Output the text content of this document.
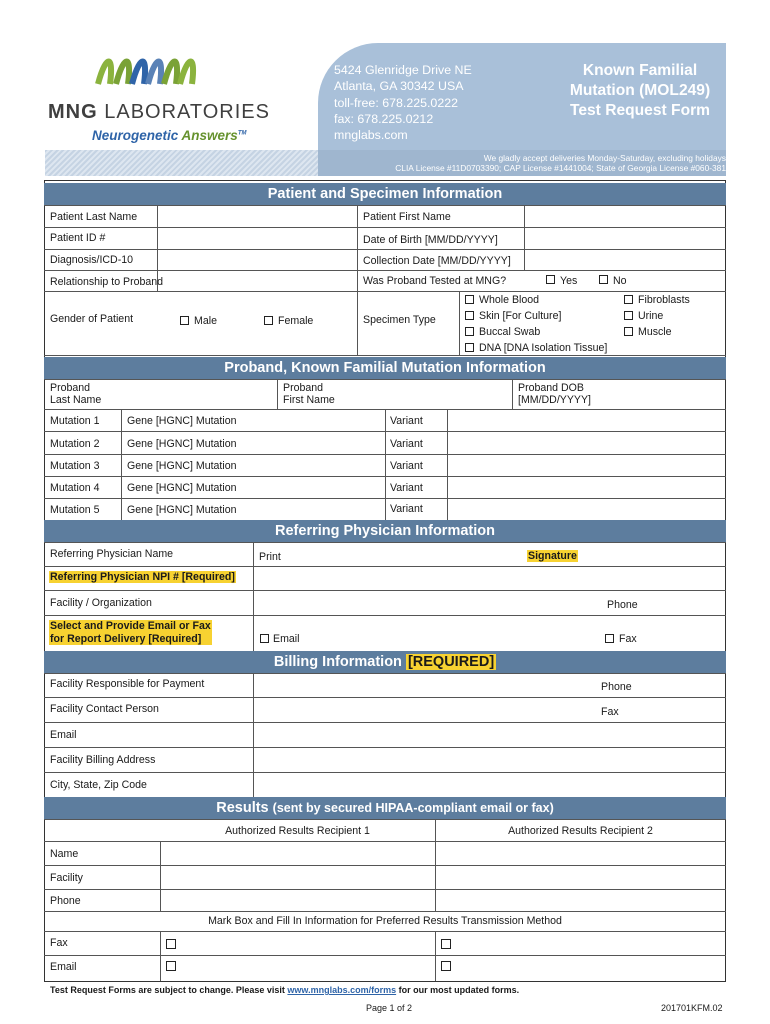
MNG LABORATORIES
Neurogenetic Answers™
5424 Glenridge Drive NE
Atlanta, GA 30342 USA
toll-free: 678.225.0222
fax: 678.225.0212
mnglabs.com
Known Familial
Mutation (MOL249)
Test Request Form
We gladly accept deliveries Monday-Saturday, excluding holidays
CLIA License #11D0703390; CAP License #1441004; State of Georgia License #060-381
Patient and Specimen Information
Patient Last Name	Patient First Name
Patient ID #	Date of Birth [MM/DD/YYYY]
Diagnosis/ICD-10	Collection Date [MM/DD/YYYY]
Relationship to Proband	Was Proband Tested at MNG?	Yes	No
Gender of Patient	Male	Female	Specimen Type
Whole Blood
Skin [For Culture]
Buccal Swab
DNA [DNA Isolation Tissue]
Fibroblasts
Urine
Muscle
Proband, Known Familial Mutation Information
Proband
Last Name
Proband
First Name
Proband DOB
[MM/DD/YYYY]
Mutation 1	Gene [HGNC] Mutation	Variant
Mutation 2	Gene [HGNC] Mutation	Variant
Mutation 3	Gene [HGNC] Mutation	Variant
Mutation 4	Gene [HGNC] Mutation	Variant
Mutation 5	Gene [HGNC] Mutation	Variant
Referring Physician Information
Referring Physician Name	Print	Signature
Referring Physician NPI # [Required]
Facility / Organization	Phone
Select and Provide Email or Fax
for Report Delivery [Required]	Email	Fax
Billing Information [REQUIRED]
Facility Responsible for Payment	Phone
Facility Contact Person	Fax
Email
Facility Billing Address
City, State, Zip Code
Results (sent by secured HIPAA-compliant email or fax)
Authorized Results Recipient 1	Authorized Results Recipient 2
Name
Facility
Phone
Mark Box and Fill In Information for Preferred Results Transmission Method
Fax
Email
Test Request Forms are subject to change. Please visit www.mnglabs.com/forms for our most updated forms.
Page 1 of 2	201701KFM.02
